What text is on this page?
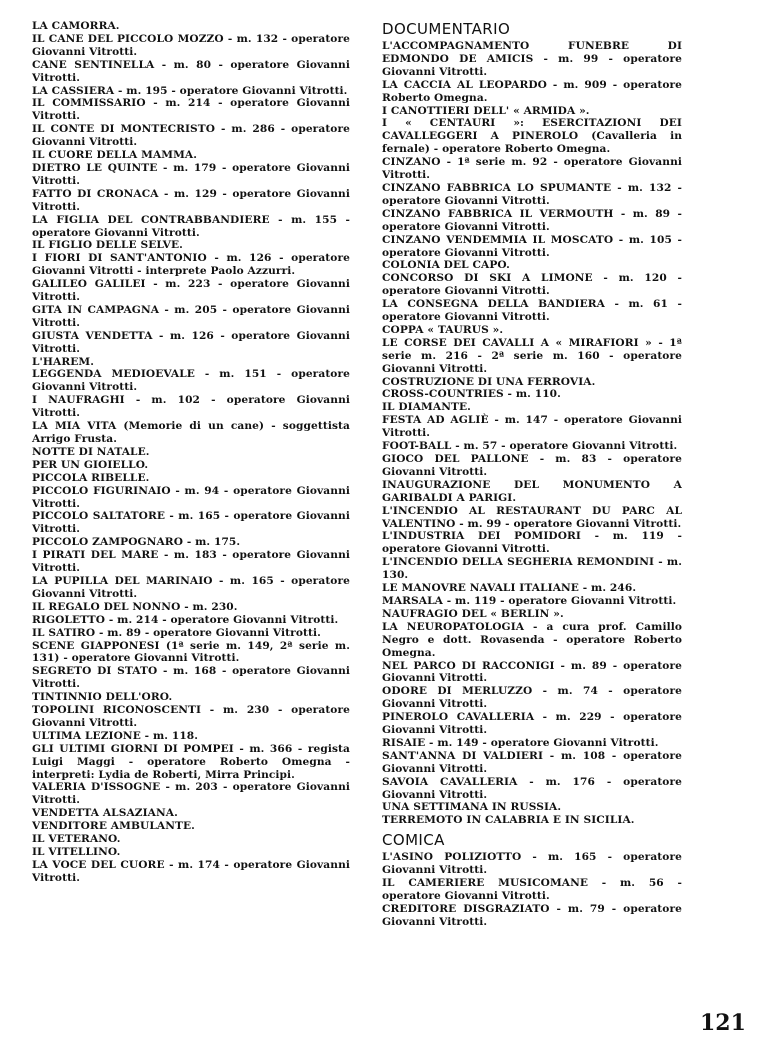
LA CAMORRA.

IL CANE DEL PICCOLO MOZZO - m. 132 - operatore Giovanni Vitrotti.

CANE SENTINELLA - m. 80 - operatore Giovanni Vitrotti.

LA CASSIERA - m. 195 - operatore Giovanni Vitrotti.

IL COMMISSARIO - m. 214 - operatore Giovanni Vitrotti.

IL CONTE DI MONTECRISTO - m. 286 - operatore Giovanni Vitrotti.

IL CUORE DELLA MAMMA.

DIETRO LE QUINTE - m. 179 - operatore Giovanni Vitrotti.

FATTO DI CRONACA - m. 129 - operatore Giovanni Vitrotti.

LA FIGLIA DEL CONTRABBANDIERE - m. 155 - operatore Giovanni Vitrotti.

IL FIGLIO DELLE SELVE.

I FIORI DI SANT'ANTONIO - m. 126 - operatore Giovanni Vitrotti - interprete Paolo Azzurri.

GALILEO GALILEI - m. 223 - operatore Giovanni Vitrotti.

GITA IN CAMPAGNA - m. 205 - operatore Giovanni Vitrotti.

GIUSTA VENDETTA - m. 126 - operatore Giovanni Vitrotti.

L'HAREM.

LEGGENDA MEDIOEVALE - m. 151 - operatore Giovanni Vitrotti.

I NAUFRAGHI - m. 102 - operatore Giovanni Vitrotti.

LA MIA VITA (Memorie di un cane) - soggettista Arrigo Frusta.

NOTTE DI NATALE.

PER UN GIOIELLO.

PICCOLA RIBELLE.

PICCOLO FIGURINAIO - m. 94 - operatore Giovanni Vitrotti.

PICCOLO SALTATORE - m. 165 - operatore Giovanni Vitrotti.

PICCOLO ZAMPOGNARO - m. 175.

I PIRATI DEL MARE - m. 183 - operatore Giovanni Vitrotti.

LA PUPILLA DEL MARINAIO - m. 165 - operatore Giovanni Vitrotti.

IL REGALO DEL NONNO - m. 230.

RIGOLETTO - m. 214 - operatore Giovanni Vitrotti.

IL SATIRO - m. 89 - operatore Giovanni Vitrotti.

SCENE GIAPPONESI (1ª serie m. 149, 2ª serie m. 131) - operatore Giovanni Vitrotti.

SEGRETO DI STATO - m. 168 - operatore Giovanni Vitrotti.

TINTINNIO DELL'ORO.

TOPOLINI RICONOSCENTI - m. 230 - operatore Giovanni Vitrotti.

ULTIMA LEZIONE - m. 118.

GLI ULTIMI GIORNI DI POMPEI - m. 366 - regista Luigi Maggi - operatore Roberto Omegna - interpreti: Lydia de Roberti, Mirra Principi.

VALERIA D'ISSOGNE - m. 203 - operatore Giovanni Vitrotti.

VENDETTA ALSAZIANA.

VENDITORE AMBULANTE.

IL VETERANO.

IL VITELLINO.

LA VOCE DEL CUORE - m. 174 - operatore Giovanni Vitrotti.

DOCUMENTARIO

L'ACCOMPAGNAMENTO FUNEBRE DI EDMONDO DE AMICIS - m. 99 - operatore Giovanni Vitrotti.

LA CACCIA AL LEOPARDO - m. 909 - operatore Roberto Omegna.

I CANOTTIERI DELL' « ARMIDA ».

I « CENTAURI »: ESERCITAZIONI DEI CAVALLEGGERI A PINEROLO (Cavalleria in fernale) - operatore Roberto Omegna.

CINZANO - 1ª serie m. 92 - operatore Giovanni Vitrotti.

CINZANO FABBRICA LO SPUMANTE - m. 132 - operatore Giovanni Vitrotti.

CINZANO FABBRICA IL VERMOUTH - m. 89 - operatore Giovanni Vitrotti.

CINZANO VENDEMMIA IL MOSCATO - m. 105 - operatore Giovanni Vitrotti.

COLONIA DEL CAPO.

CONCORSO DI SKI A LIMONE - m. 120 - operatore Giovanni Vitrotti.

LA CONSEGNA DELLA BANDIERA - m. 61 - operatore Giovanni Vitrotti.

COPPA « TAURUS ».

LE CORSE DEI CAVALLI A « MIRAFIORI » - 1ª serie m. 216 - 2ª serie m. 160 - operatore Giovanni Vitrotti.

COSTRUZIONE DI UNA FERROVIA.

CROSS-COUNTRIES - m. 110.

IL DIAMANTE.

FESTA AD AGLIÈ - m. 147 - operatore Giovanni Vitrotti.

FOOT-BALL - m. 57 - operatore Giovanni Vitrotti.

GIOCO DEL PALLONE - m. 83 - operatore Giovanni Vitrotti.

INAUGURAZIONE DEL MONUMENTO A GARIBALDI A PARIGI.

L'INCENDIO AL RESTAURANT DU PARC AL VALENTINO - m. 99 - operatore Giovanni Vitrotti.

L'INDUSTRIA DEI POMIDORI - m. 119 - operatore Giovanni Vitrotti.

L'INCENDIO DELLA SEGHERIA REMONDINI - m. 130.

LE MANOVRE NAVALI ITALIANE - m. 246.

MARSALA - m. 119 - operatore Giovanni Vitrotti.

NAUFRAGIO DEL « BERLIN ».

LA NEUROPATOLOGIA - a cura prof. Camillo Negro e dott. Rovasenda - operatore Roberto Omegna.

NEL PARCO DI RACCONIGI - m. 89 - operatore Giovanni Vitrotti.

ODORE DI MERLUZZO - m. 74 - operatore Giovanni Vitrotti.

PINEROLO CAVALLERIA - m. 229 - operatore Giovanni Vitrotti.

RISAIE - m. 149 - operatore Giovanni Vitrotti.

SANT'ANNA DI VALDIERI - m. 108 - operatore Giovanni Vitrotti.

SAVOIA CAVALLERIA - m. 176 - operatore Giovanni Vitrotti.

UNA SETTIMANA IN RUSSIA.

TERREMOTO IN CALABRIA E IN SICILIA.

COMICA

L'ASINO POLIZIOTTO - m. 165 - operatore Giovanni Vitrotti.

IL CAMERIERE MUSICOMANE - m. 56 - operatore Giovanni Vitrotti.

CREDITORE DISGRAZIATO - m. 79 - operatore Giovanni Vitrotti.

121
